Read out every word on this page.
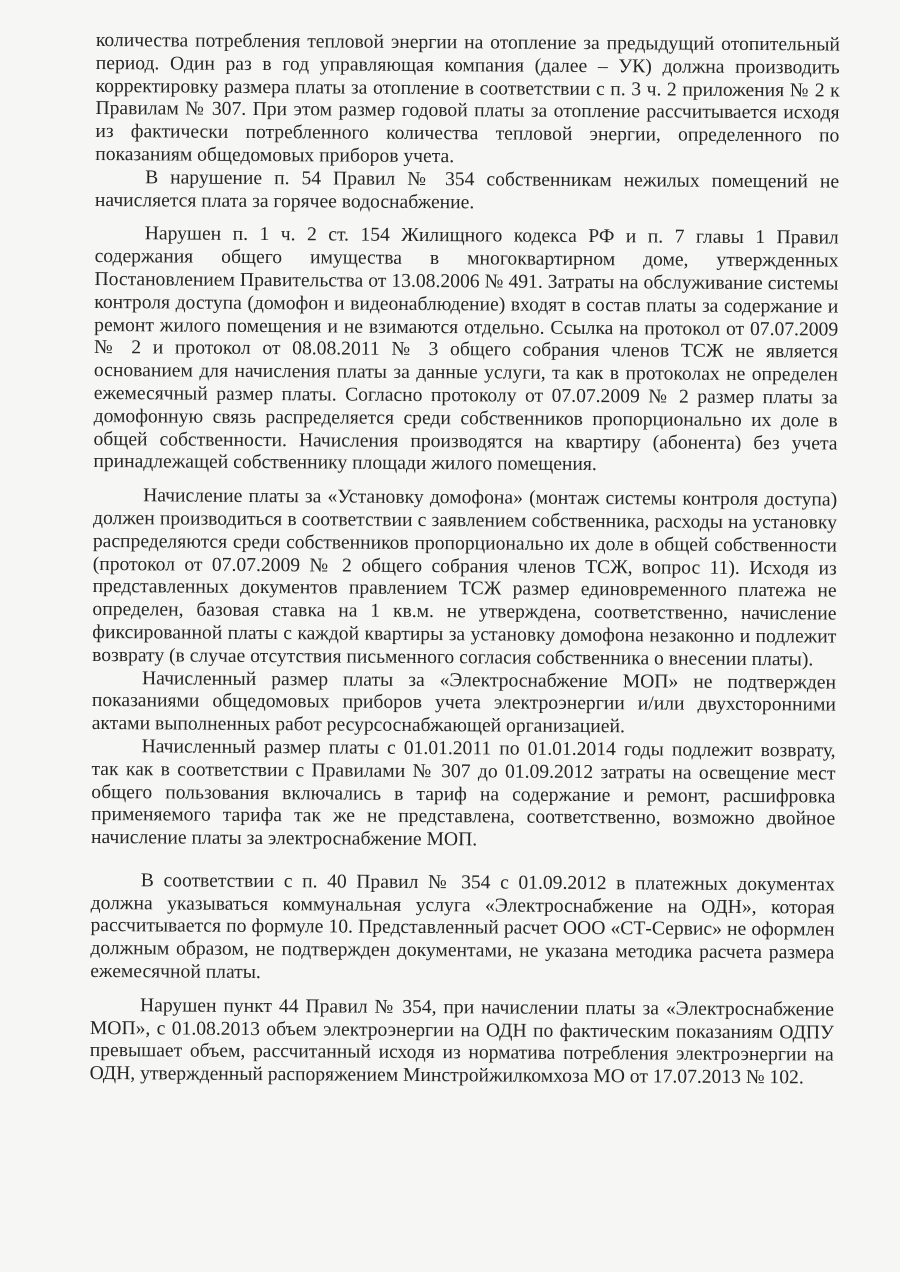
количества потребления тепловой энергии на отопление за предыдущий отопительный период. Один раз в год управляющая компания (далее – УК) должна производить корректировку размера платы за отопление в соответствии с п. 3 ч. 2 приложения № 2 к Правилам № 307. При этом размер годовой платы за отопление рассчитывается исходя из фактически потребленного количества тепловой энергии, определенного по показаниям общедомовых приборов учета.

В нарушение п. 54 Правил № 354 собственникам нежилых помещений не начисляется плата за горячее водоснабжение.

Нарушен п. 1 ч. 2 ст. 154 Жилищного кодекса РФ и п. 7 главы 1 Правил содержания общего имущества в многоквартирном доме, утвержденных Постановлением Правительства от 13.08.2006 № 491. Затраты на обслуживание системы контроля доступа (домофон и видеонаблюдение) входят в состав платы за содержание и ремонт жилого помещения и не взимаются отдельно. Ссылка на протокол от 07.07.2009 № 2 и протокол от 08.08.2011 № 3 общего собрания членов ТСЖ не является основанием для начисления платы за данные услуги, та как в протоколах не определен ежемесячный размер платы. Согласно протоколу от 07.07.2009 № 2 размер платы за домофонную связь распределяется среди собственников пропорционально их доле в общей собственности. Начисления производятся на квартиру (абонента) без учета принадлежащей собственнику площади жилого помещения.

Начисление платы за «Установку домофона» (монтаж системы контроля доступа) должен производиться в соответствии с заявлением собственника, расходы на установку распределяются среди собственников пропорционально их доле в общей собственности (протокол от 07.07.2009 № 2 общего собрания членов ТСЖ, вопрос 11). Исходя из представленных документов правлением ТСЖ размер единовременного платежа не определен, базовая ставка на 1 кв.м. не утверждена, соответственно, начисление фиксированной платы с каждой квартиры за установку домофона незаконно и подлежит возврату (в случае отсутствия письменного согласия собственника о внесении платы).

Начисленный размер платы за «Электроснабжение МОП» не подтвержден показаниями общедомовых приборов учета электроэнергии и/или двухсторонними актами выполненных работ ресурсоснабжающей организацией.

Начисленный размер платы с 01.01.2011 по 01.01.2014 годы подлежит возврату, так как в соответствии с Правилами № 307 до 01.09.2012 затраты на освещение мест общего пользования включались в тариф на содержание и ремонт, расшифровка применяемого тарифа так же не представлена, соответственно, возможно двойное начисление платы за электроснабжение МОП.

В соответствии с п. 40 Правил № 354 с 01.09.2012 в платежных документах должна указываться коммунальная услуга «Электроснабжение на ОДН», которая рассчитывается по формуле 10. Представленный расчет ООО «СТ-Сервис» не оформлен должным образом, не подтвержден документами, не указана методика расчета размера ежемесячной платы.

Нарушен пункт 44 Правил № 354, при начислении платы за «Электроснабжение МОП», с 01.08.2013 объем электроэнергии на ОДН по фактическим показаниям ОДПУ превышает объем, рассчитанный исходя из норматива потребления электроэнергии на ОДН, утвержденный распоряжением Минстройжилкомхоза МО от 17.07.2013 № 102.
